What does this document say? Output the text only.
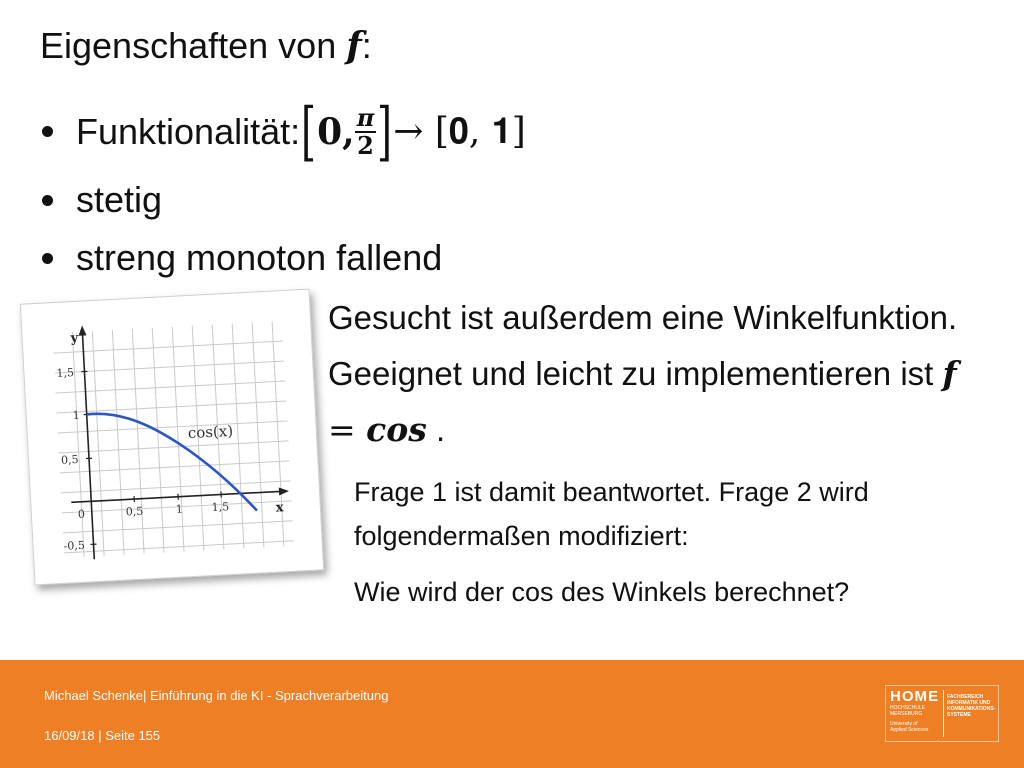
Eigenschaften von 𝒇:
Funktionalität: [ 0, $\frac{\pi}{2}$ ] → [𝟎, 𝟏]
stetig
streng monoton fallend
y
x
cos(x)
1,5
1
0,5
0
-0,5
0,5	1	1,5
Gesucht ist außerdem eine Winkelfunktion. Geeignet und leicht zu implementieren ist 𝒇 = 𝒄𝒐𝒔 .
Frage 1 ist damit beantwortet. Frage 2 wird folgendermaßen modifiziert:
Wie wird der cos des Winkels berechnet?
Michael Schenke| Einführung in die KI - Sprachverarbeitung
16/09/18 | Seite 155
HOME
HOCHSCHULE
MERSEBURG
University of
Applied Sciences
FACHBEREICH
INFORMATIK UND
KOMMUNIKATIONS-
SYSTEME
